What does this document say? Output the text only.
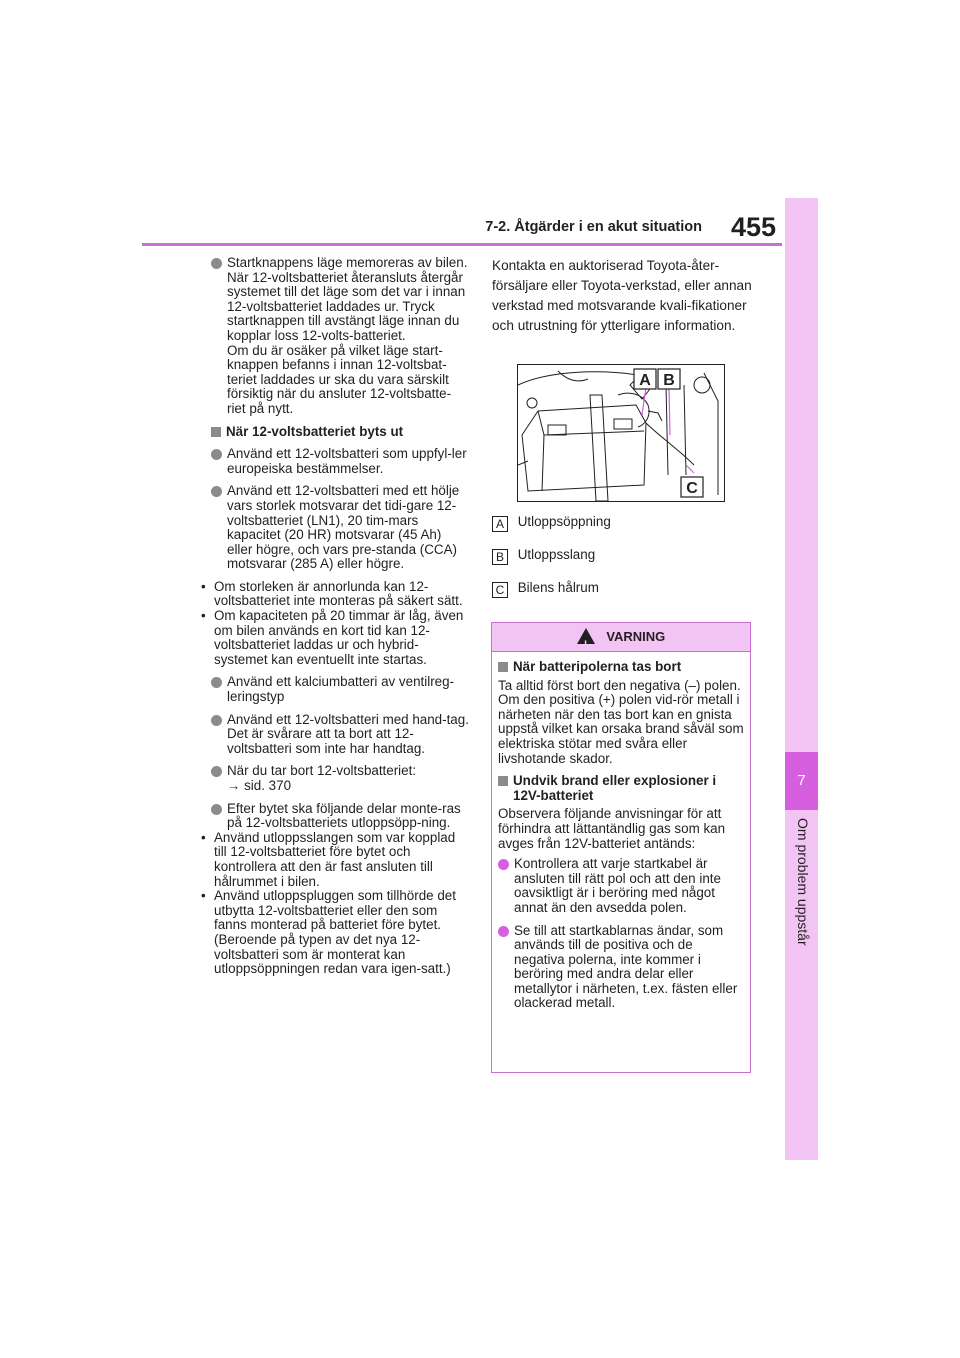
7-2. Åtgärder i en akut situation 455
7
Om problem uppstår

Startknappens läge memoreras av bilen. När 12-voltsbatteriet återansluts återgår systemet till det läge som det var i innan 12-voltsbatteriet laddades ur. Tryck startknappen till avstängt läge innan du kopplar loss 12-volts-batteriet.

Om du är osäker på vilket läge start-knappen befanns i innan 12-voltsbat-teriet laddades ur ska du vara särskilt försiktig när du ansluter 12-voltsbatte-riet på nytt.

När 12-voltsbatteriet byts ut

Använd ett 12-voltsbatteri som uppfyl-ler europeiska bestämmelser.

Använd ett 12-voltsbatteri med ett hölje vars storlek motsvarar det tidi-gare 12-voltsbatteriet (LN1), 20 tim-mars kapacitet (20 HR) motsvarar (45 Ah) eller högre, och vars pre-standa (CCA) motsvarar (285 A) eller högre.

• Om storleken är annorlunda kan 12-voltsbatteriet inte monteras på säkert sätt.

• Om kapaciteten på 20 timmar är låg, även om bilen används en kort tid kan 12-voltsbatteriet laddas ur och hybrid-systemet kan eventuellt inte startas.

Använd ett kalciumbatteri av ventilreg-leringstyp

Använd ett 12-voltsbatteri med hand-tag. Det är svårare att ta bort att 12-voltsbatteri som inte har handtag.

När du tar bort 12-voltsbatteriet:

→ sid. 370

Efter bytet ska följande delar monte-ras på 12-voltsbatteriets utloppsöpp-ning.

• Använd utloppsslangen som var kopplad till 12-voltsbatteriet före bytet och kontrollera att den är fast ansluten till hålrummet i bilen.

• Använd utloppspluggen som tillhörde det utbytta 12-voltsbatteriet eller den som fanns monterad på batteriet före bytet. (Beroende på typen av det nya 12-voltsbatteri som är monterat kan utloppsöppningen redan vara igen-satt.)

Kontakta en auktoriserad Toyota-åter-försäljare eller Toyota-verkstad, eller annan verkstad med motsvarande kvali-fikationer och utrustning för ytterligare information.

A B
C
A Utloppsöppning
B Utloppsslang
C Bilens hålrum
!
VARNING
När batteripolerna tas bort

Ta alltid först bort den negativa (–) polen. Om den positiva (+) polen vid-rör metall i närheten när den tas bort kan en gnista uppstå vilket kan orsaka brand såväl som elektriska stötar med svåra eller livshotande skador.

Undvik brand eller explosioner i 12V-batteriet

Observera följande anvisningar för att förhindra att lättantändlig gas som kan avges från 12V-batteriet antänds:

Kontrollera att varje startkabel är ansluten till rätt pol och att den inte oavsiktligt är i beröring med något annat än den avsedda polen.

Se till att startkablarnas ändar, som används till de positiva och de negativa polerna, inte kommer i beröring med andra delar eller metallytor i närheten, t.ex. fästen eller olackerad metall.
